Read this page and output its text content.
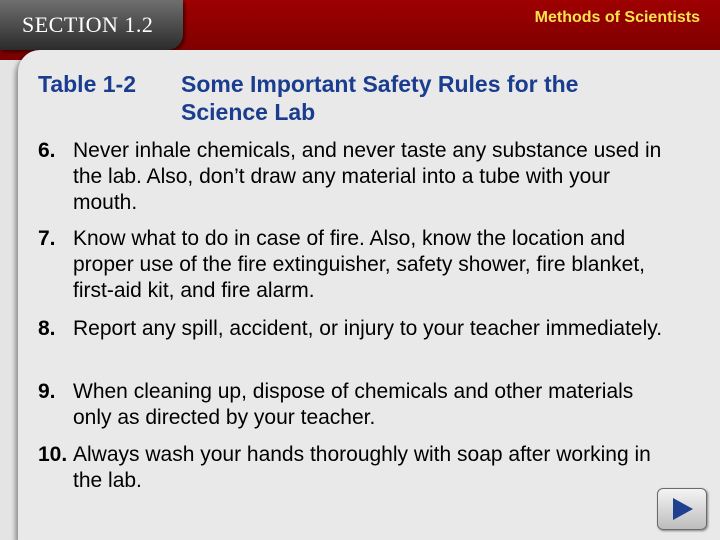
SECTION 1.2	Methods of Scientists
Table 1-2 Some Important Safety Rules for the Science Lab
6. Never inhale chemicals, and never taste any substance used in the lab. Also, don’t draw any material into a tube with your mouth.
7. Know what to do in case of fire. Also, know the location and proper use of the fire extinguisher, safety shower, fire blanket, first-aid kit, and fire alarm.
8. Report any spill, accident, or injury to your teacher immediately.
9. When cleaning up, dispose of chemicals and other materials only as directed by your teacher.
10. Always wash your hands thoroughly with soap after working in the lab.
